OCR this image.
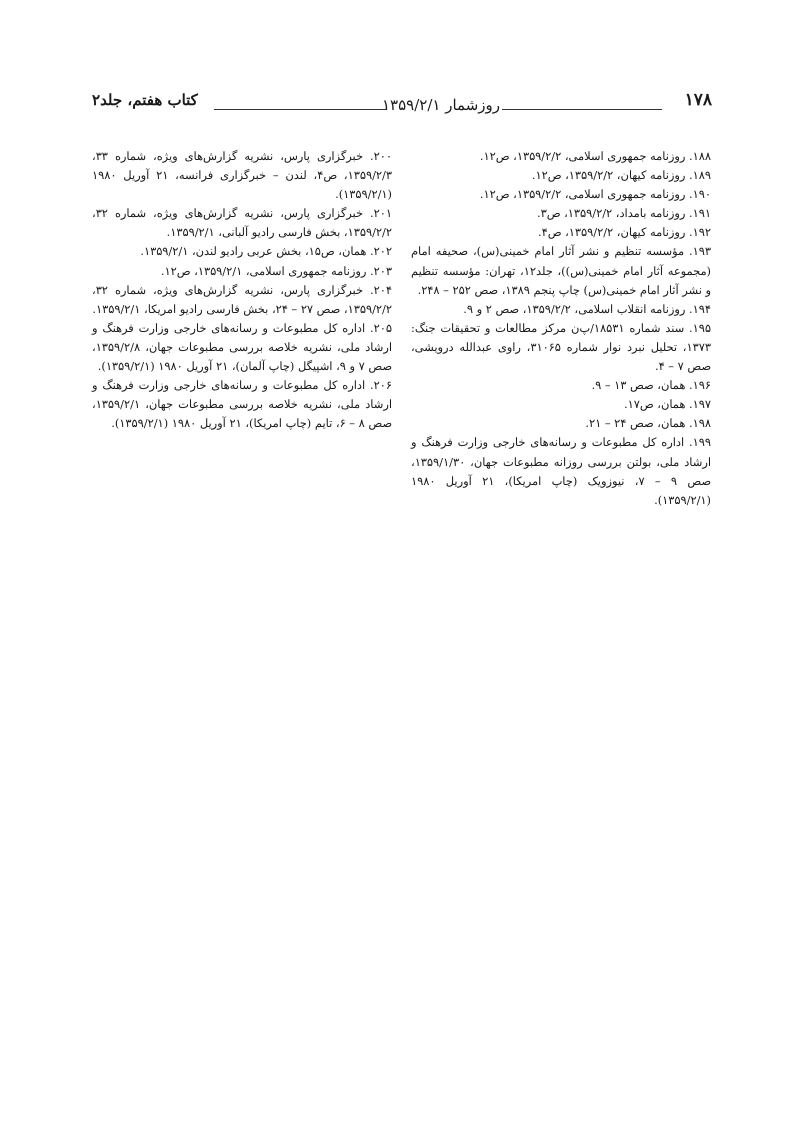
۱۷۸
روزشمار ۱۳۵۹/۲/۱
کتاب هفتم، جلد۲

۱۸۸. روزنامه جمهوری اسلامی، ۱۳۵۹/۲/۲، ص۱۲.

۱۸۹. روزنامه کیهان، ۱۳۵۹/۲/۲، ص۱۲.

۱۹۰. روزنامه جمهوری اسلامی، ۱۳۵۹/۲/۲، ص۱۲.

۱۹۱. روزنامه بامداد، ۱۳۵۹/۲/۲، ص۳.

۱۹۲. روزنامه کیهان، ۱۳۵۹/۲/۲، ص۴.

۱۹۳. مؤسسه تنظیم و نشر آثار امام خمینی(س)، صحیفه امام (مجموعه آثار امام خمینی(س))، جلد۱۲، تهران: مؤسسه تنظیم و نشر آثار امام خمینی(س) چاپ پنجم ۱۳۸۹، صص ۲۵۲ – ۲۴۸.

۱۹۴. روزنامه انقلاب اسلامی، ۱۳۵۹/۲/۲، صص ۲ و ۹.

۱۹۵. سند شماره ۱۸۵۳۱/پ‌ن مرکز مطالعات و تحقیقات جنگ: ۱۳۷۳، تحلیل نبرد نوار شماره ۳۱۰۶۵، راوی عبدالله درویشی، صص ۷ – ۴.

۱۹۶. همان، صص ۱۳ – ۹.

۱۹۷. همان، ص۱۷.

۱۹۸. همان، صص ۲۴ – ۲۱.

۱۹۹. اداره کل مطبوعات و رسانه‌های خارجی وزارت فرهنگ و ارشاد ملی، بولتن بررسی روزانه مطبوعات جهان، ۱۳۵۹/۱/۳۰، صص ۹ – ۷، نیوزویک (چاپ امریکا)، ۲۱ آوریل ۱۹۸۰ (۱۳۵۹/۲/۱).

۲۰۰. خبرگزاری پارس، نشریه گزارش‌های ویژه، شماره ۳۳، ۱۳۵۹/۲/۳، ص۴، لندن – خبرگزاری فرانسه، ۲۱ آوریل ۱۹۸۰ (۱۳۵۹/۲/۱).

۲۰۱. خبرگزاری پارس، نشریه گزارش‌های ویژه، شماره ۳۲، ۱۳۵۹/۲/۲، بخش فارسی رادیو آلبانی، ۱۳۵۹/۲/۱.

۲۰۲. همان، ص۱۵، بخش عربی رادیو لندن، ۱۳۵۹/۲/۱.

۲۰۳. روزنامه جمهوری اسلامی، ۱۳۵۹/۲/۱، ص۱۲.

۲۰۴. خبرگزاری پارس، نشریه گزارش‌های ویژه، شماره ۳۲، ۱۳۵۹/۲/۲، صص ۲۷ – ۲۴، بخش فارسی رادیو امریکا، ۱۳۵۹/۲/۱.

۲۰۵. اداره کل مطبوعات و رسانه‌های خارجی وزارت فرهنگ و ارشاد ملی، نشریه خلاصه بررسی مطبوعات جهان، ۱۳۵۹/۲/۸، صص ۷ و ۹، اشپیگل (چاپ آلمان)، ۲۱ آوریل ۱۹۸۰ (۱۳۵۹/۲/۱).

۲۰۶. اداره کل مطبوعات و رسانه‌های خارجی وزارت فرهنگ و ارشاد ملی، نشریه خلاصه بررسی مطبوعات جهان، ۱۳۵۹/۲/۱، صص ۸ – ۶، تایم (چاپ امریکا)، ۲۱ آوریل ۱۹۸۰ (۱۳۵۹/۲/۱).
